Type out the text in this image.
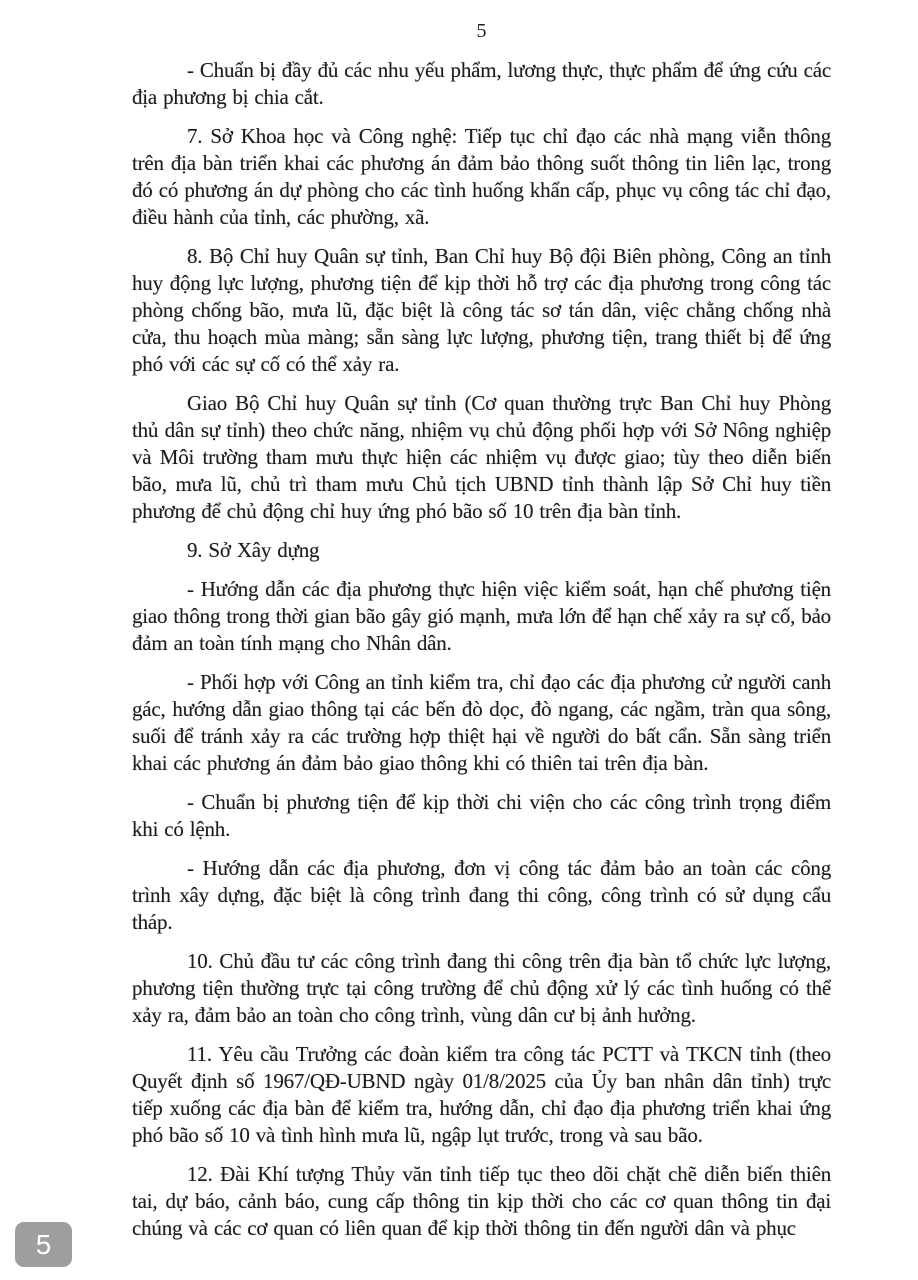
5

- Chuẩn bị đầy đủ các nhu yếu phẩm, lương thực, thực phẩm để ứng cứu các địa phương bị chia cắt.

7. Sở Khoa học và Công nghệ: Tiếp tục chỉ đạo các nhà mạng viễn thông trên địa bàn triển khai các phương án đảm bảo thông suốt thông tin liên lạc, trong đó có phương án dự phòng cho các tình huống khẩn cấp, phục vụ công tác chỉ đạo, điều hành của tỉnh, các phường, xã.

8. Bộ Chỉ huy Quân sự tỉnh, Ban Chỉ huy Bộ đội Biên phòng, Công an tỉnh huy động lực lượng, phương tiện để kịp thời hỗ trợ các địa phương trong công tác phòng chống bão, mưa lũ, đặc biệt là công tác sơ tán dân, việc chằng chống nhà cửa, thu hoạch mùa màng; sẵn sàng lực lượng, phương tiện, trang thiết bị để ứng phó với các sự cố có thể xảy ra.

Giao Bộ Chỉ huy Quân sự tỉnh (Cơ quan thường trực Ban Chỉ huy Phòng thủ dân sự tỉnh) theo chức năng, nhiệm vụ chủ động phối hợp với Sở Nông nghiệp và Môi trường tham mưu thực hiện các nhiệm vụ được giao; tùy theo diễn biến bão, mưa lũ, chủ trì tham mưu Chủ tịch UBND tỉnh thành lập Sở Chỉ huy tiền phương để chủ động chỉ huy ứng phó bão số 10 trên địa bàn tỉnh.

9. Sở Xây dựng

- Hướng dẫn các địa phương thực hiện việc kiểm soát, hạn chế phương tiện giao thông trong thời gian bão gây gió mạnh, mưa lớn để hạn chế xảy ra sự cố, bảo đảm an toàn tính mạng cho Nhân dân.

- Phối hợp với Công an tỉnh kiểm tra, chỉ đạo các địa phương cử người canh gác, hướng dẫn giao thông tại các bến đò dọc, đò ngang, các ngầm, tràn qua sông, suối để tránh xảy ra các trường hợp thiệt hại về người do bất cẩn. Sẵn sàng triển khai các phương án đảm bảo giao thông khi có thiên tai trên địa bàn.

- Chuẩn bị phương tiện để kịp thời chi viện cho các công trình trọng điểm khi có lệnh.

- Hướng dẫn các địa phương, đơn vị công tác đảm bảo an toàn các công trình xây dựng, đặc biệt là công trình đang thi công, công trình có sử dụng cẩu tháp.

10. Chủ đầu tư các công trình đang thi công trên địa bàn tổ chức lực lượng, phương tiện thường trực tại công trường để chủ động xử lý các tình huống có thể xảy ra, đảm bảo an toàn cho công trình, vùng dân cư bị ảnh hưởng.

11. Yêu cầu Trưởng các đoàn kiểm tra công tác PCTT và TKCN tỉnh (theo Quyết định số 1967/QĐ-UBND ngày 01/8/2025 của Ủy ban nhân dân tỉnh) trực tiếp xuống các địa bàn để kiểm tra, hướng dẫn, chỉ đạo địa phương triển khai ứng phó bão số 10 và tình hình mưa lũ, ngập lụt trước, trong và sau bão.

12. Đài Khí tượng Thủy văn tỉnh tiếp tục theo dõi chặt chẽ diễn biến thiên tai, dự báo, cảnh báo, cung cấp thông tin kịp thời cho các cơ quan thông tin đại chúng và các cơ quan có liên quan để kịp thời thông tin đến người dân và phục

5
